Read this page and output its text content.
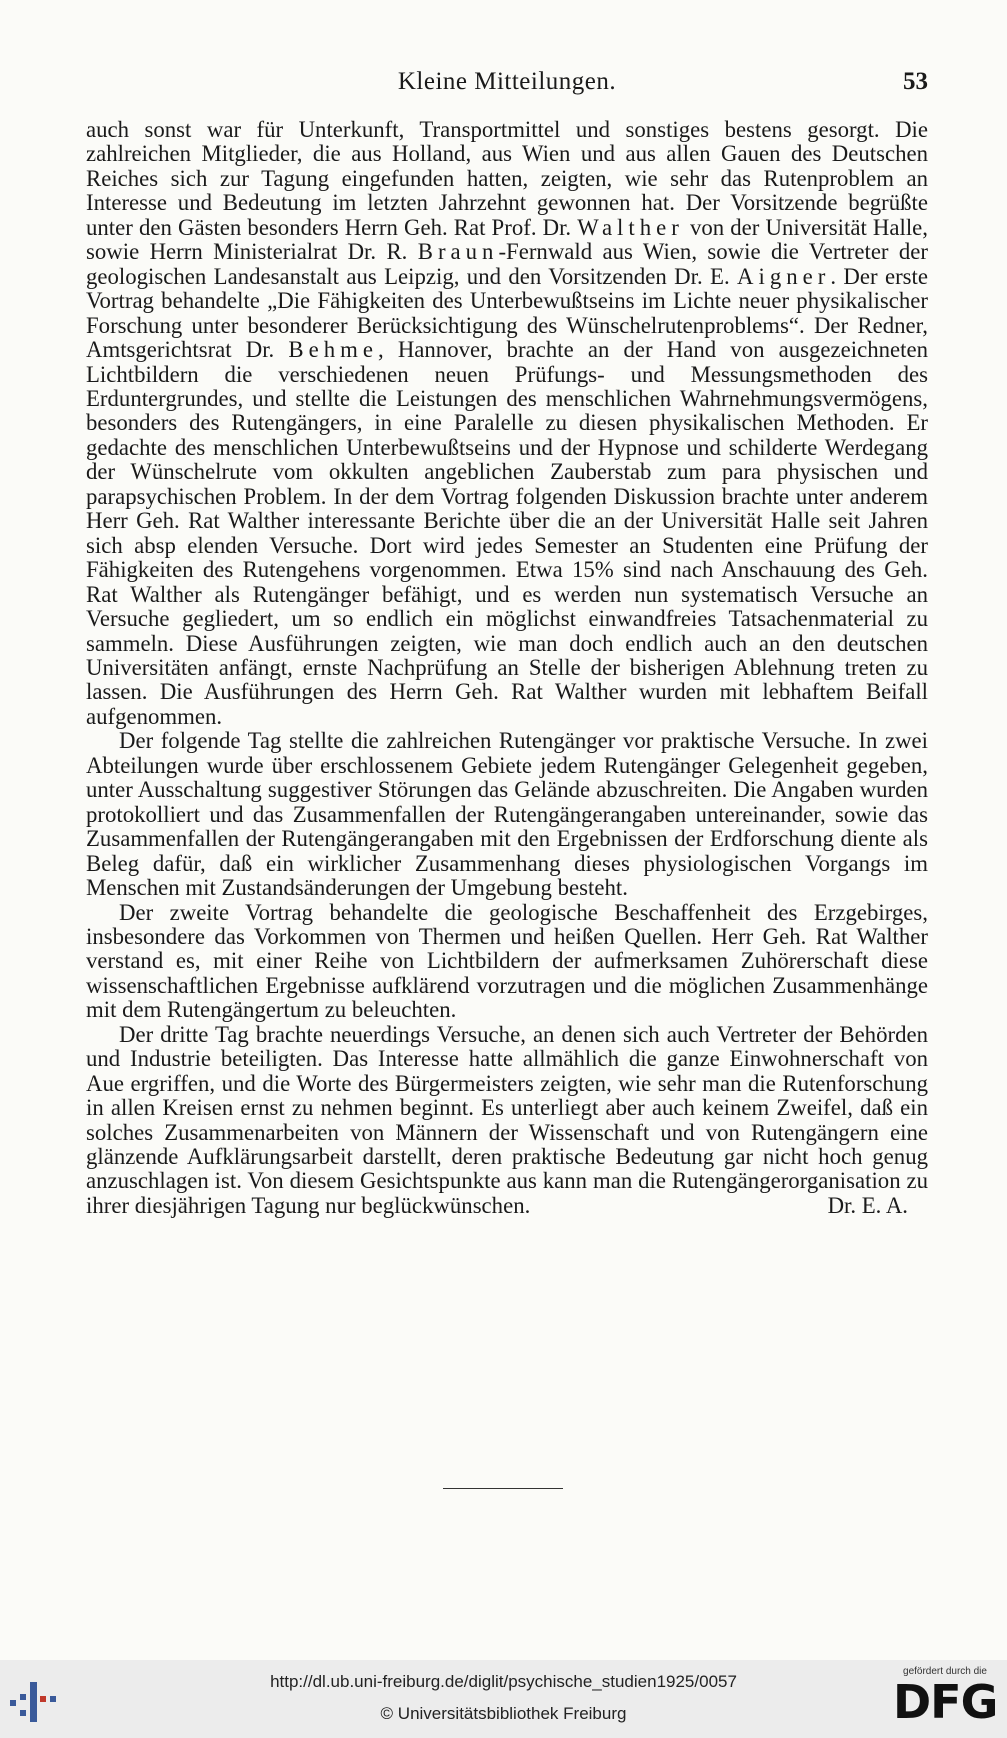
Kleine Mitteilungen.	53

auch sonst war für Unterkunft, Transportmittel und sonstiges bestens gesorgt. Die zahlreichen Mitglieder, die aus Holland, aus Wien und aus allen Gauen des Deutschen Reiches sich zur Tagung eingefunden hatten, zeigten, wie sehr das Rutenproblem an Interesse und Bedeutung im letzten Jahrzehnt gewonnen hat. Der Vorsitzende begrüßte unter den Gästen besonders Herrn Geh. Rat Prof. Dr. Walther von der Universität Halle, sowie Herrn Ministerialrat Dr. R. Braun-Fernwald aus Wien, sowie die Vertreter der geologischen Landesanstalt aus Leipzig, und den Vorsitzenden Dr. E. Aigner. Der erste Vortrag behandelte „Die Fähigkeiten des Unterbewußtseins im Lichte neuer physikalischer Forschung unter besonderer Berücksichtigung des Wünschelrutenproblems“. Der Redner, Amtsgerichtsrat Dr. Behme, Hannover, brachte an der Hand von ausgezeichneten Lichtbildern die verschiedenen neuen Prüfungs- und Messungsmethoden des Erduntergrundes, und stellte die Leistungen des menschlichen Wahrnehmungsvermögens, besonders des Rutengängers, in eine Paralelle zu diesen physikalischen Methoden. Er gedachte des menschlichen Unterbewußtseins und der Hypnose und schilderte Werdegang der Wünschelrute vom okkulten angeblichen Zauberstab zum para physischen und parapsychischen Problem. In der dem Vortrag folgenden Diskussion brachte unter anderem Herr Geh. Rat Walther interessante Berichte über die an der Universität Halle seit Jahren sich absp elenden Versuche. Dort wird jedes Semester an Studenten eine Prüfung der Fähigkeiten des Rutengehens vorgenommen. Etwa 15% sind nach Anschauung des Geh. Rat Walther als Rutengänger befähigt, und es werden nun systematisch Versuche an Versuche gegliedert, um so endlich ein möglichst einwandfreies Tatsachenmaterial zu sammeln. Diese Ausführungen zeigten, wie man doch endlich auch an den deutschen Universitäten anfängt, ernste Nachprüfung an Stelle der bisherigen Ablehnung treten zu lassen. Die Ausführungen des Herrn Geh. Rat Walther wurden mit lebhaftem Beifall aufgenommen.

Der folgende Tag stellte die zahlreichen Rutengänger vor praktische Versuche. In zwei Abteilungen wurde über erschlossenem Gebiete jedem Rutengänger Gelegenheit gegeben, unter Ausschaltung suggestiver Störungen das Gelände abzuschreiten. Die Angaben wurden protokolliert und das Zusammenfallen der Rutengängerangaben untereinander, sowie das Zusammenfallen der Rutengängerangaben mit den Ergebnissen der Erdforschung diente als Beleg dafür, daß ein wirklicher Zusammenhang dieses physiologischen Vorgangs im Menschen mit Zustandsänderungen der Umgebung besteht.

Der zweite Vortrag behandelte die geologische Beschaffenheit des Erzgebirges, insbesondere das Vorkommen von Thermen und heißen Quellen. Herr Geh. Rat Walther verstand es, mit einer Reihe von Lichtbildern der aufmerksamen Zuhörerschaft diese wissenschaftlichen Ergebnisse aufklärend vorzutragen und die möglichen Zusammenhänge mit dem Rutengängertum zu beleuchten.

Der dritte Tag brachte neuerdings Versuche, an denen sich auch Vertreter der Behörden und Industrie beteiligten. Das Interesse hatte allmählich die ganze Einwohnerschaft von Aue ergriffen, und die Worte des Bürgermeisters zeigten, wie sehr man die Rutenforschung in allen Kreisen ernst zu nehmen beginnt. Es unterliegt aber auch keinem Zweifel, daß ein solches Zusammenarbeiten von Männern der Wissenschaft und von Rutengängern eine glänzende Aufklärungsarbeit darstellt, deren praktische Bedeutung gar nicht hoch genug anzuschlagen ist. Von diesem Gesichtspunkte aus kann man die Rutengängerorganisation zu ihrer diesjährigen Tagung nur beglückwünschen.	Dr. E. A.

http://dl.ub.uni-freiburg.de/diglit/psychische_studien1925/0057
© Universitätsbibliothek Freiburg
gefördert durch die
DFG
